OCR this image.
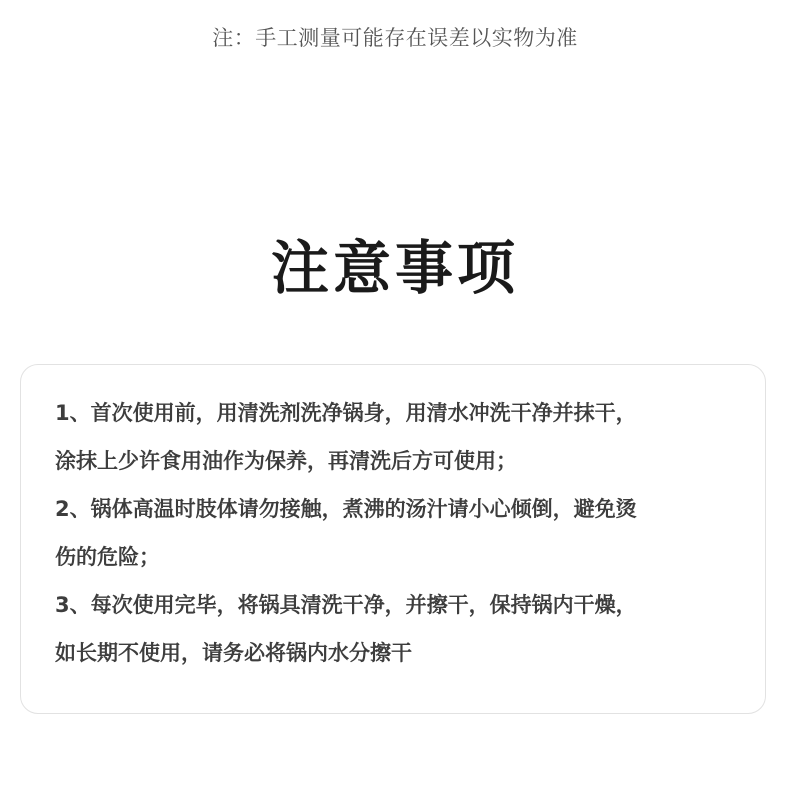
注：手工测量可能存在误差以实物为准
注意事项
1、首次使用前，用清洗剂洗净锅身，用清水冲洗干净并抹干，
涂抹上少许食用油作为保养，再清洗后方可使用；
2、锅体高温时肢体请勿接触，煮沸的汤汁请小心倾倒，避免烫
伤的危险；
3、每次使用完毕，将锅具清洗干净，并擦干，保持锅内干燥，
如长期不使用，请务必将锅内水分擦干
